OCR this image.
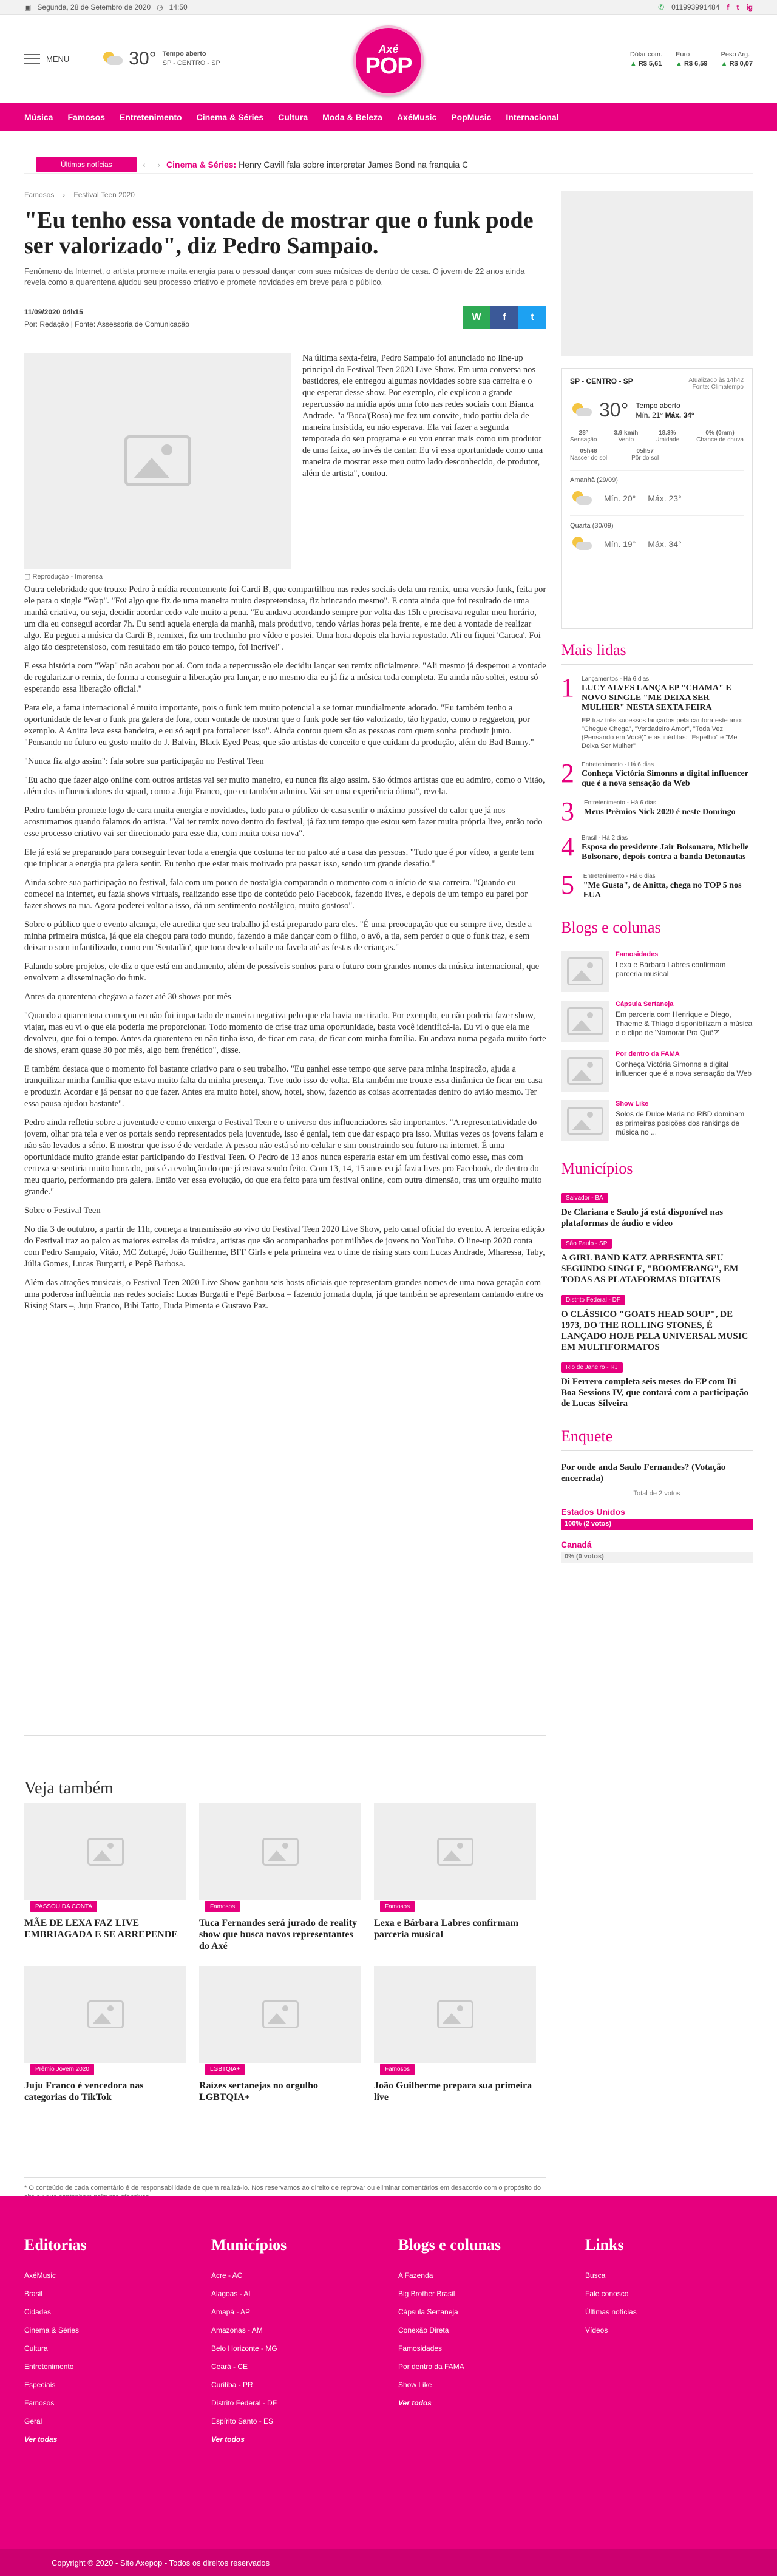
▣ Segunda, 28 de Setembro de 2020 ◷ 14:50	✆ 011993991484 f t ig
MENU	30° Tempo aberto
SP - CENTRO - SP
Axé
POP	Dólar com.
▲ R$ 5,61
Euro
▲ R$ 6,59
Peso Arg.
▲ R$ 0,07
Música Famosos Entretenimento Cinema & Séries Cultura Moda & Beleza AxéMusic PopMusic Internacional
Últimas notícias	‹ › Cinema & Séries: Henry Cavill fala sobre interpretar James Bond na franquia C
Famosos › Festival Teen 2020
"Eu tenho essa vontade de mostrar que o funk pode ser valorizado", diz Pedro Sampaio.

Fenômeno da Internet, o artista promete muita energia para o pessoal dançar com suas músicas de dentro de casa. O jovem de 22 anos ainda revela como a quarentena ajudou seu processo criativo e promete novidades em breve para o público.

11/09/2020 04h15
Por: Redação | Fonte: Assessoria de Comunicação
W	f	t
▢ Reprodução - Imprensa

Na última sexta-feira, Pedro Sampaio foi anunciado no line-up principal do Festival Teen 2020 Live Show. Em uma conversa nos bastidores, ele entregou algumas novidades sobre sua carreira e o que esperar desse show. Por exemplo, ele explicou a grande repercussão na mídia após uma foto nas redes sociais com Bianca Andrade. "a 'Boca'(Rosa) me fez um convite, tudo partiu dela de maneira insistida, eu não esperava. Ela vai fazer a segunda temporada do seu programa e eu vou entrar mais como um produtor de uma faixa, ao invés de cantar. Eu vi essa oportunidade como uma maneira de mostrar esse meu outro lado desconhecido, de produtor, além de artista", contou.

Outra celebridade que trouxe Pedro à mídia recentemente foi Cardi B, que compartilhou nas redes sociais dela um remix, uma versão funk, feita por ele para o single "Wap". "Foi algo que fiz de uma maneira muito despretensiosa, fiz brincando mesmo". E conta ainda que foi resultado de uma manhã criativa, ou seja, decidir acordar cedo vale muito a pena. "Eu andava acordando sempre por volta das 15h e precisava regular meu horário, um dia eu consegui acordar 7h. Eu senti aquela energia da manhã, mais produtivo, tendo várias horas pela frente, e me deu a vontade de realizar algo. Eu peguei a música da Cardi B, remixei, fiz um trechinho pro vídeo e postei. Uma hora depois ela havia repostado. Ali eu fiquei 'Caraca'. Foi algo tão despretensioso, com resultado em tão pouco tempo, foi incrível".

E essa história com "Wap" não acabou por aí. Com toda a repercussão ele decidiu lançar seu remix oficialmente. "Ali mesmo já despertou a vontade de regularizar o remix, de forma a conseguir a liberação pra lançar, e no mesmo dia eu já fiz a música toda completa. Eu ainda não soltei, estou só esperando essa liberação oficial."

Para ele, a fama internacional é muito importante, pois o funk tem muito potencial a se tornar mundialmente adorado. "Eu também tenho a oportunidade de levar o funk pra galera de fora, com vontade de mostrar que o funk pode ser tão valorizado, tão hypado, como o reggaeton, por exemplo. A Anitta leva essa bandeira, e eu só aqui pra fortalecer isso". Ainda contou quem são as pessoas com quem sonha produzir junto. "Pensando no futuro eu gosto muito do J. Balvin, Black Eyed Peas, que são artistas de conceito e que cuidam da produção, além do Bad Bunny."

"Nunca fiz algo assim": fala sobre sua participação no Festival Teen

"Eu acho que fazer algo online com outros artistas vai ser muito maneiro, eu nunca fiz algo assim. São ótimos artistas que eu admiro, como o Vitão, além dos influenciadores do squad, como a Juju Franco, que eu também admiro. Vai ser uma experiência ótima", revela.

Pedro também promete logo de cara muita energia e novidades, tudo para o público de casa sentir o máximo possível do calor que já nos acostumamos quando falamos do artista. "Vai ter remix novo dentro do festival, já faz um tempo que estou sem fazer muita própria live, então todo esse processo criativo vai ser direcionado para esse dia, com muita coisa nova".

Ele já está se preparando para conseguir levar toda a energia que costuma ter no palco até a casa das pessoas. "Tudo que é por vídeo, a gente tem que triplicar a energia pra galera sentir. Eu tenho que estar mais motivado pra passar isso, sendo um grande desafio."

Ainda sobre sua participação no festival, fala com um pouco de nostalgia comparando o momento com o início de sua carreira. "Quando eu comecei na internet, eu fazia shows virtuais, realizando esse tipo de conteúdo pelo Facebook, fazendo lives, e depois de um tempo eu parei por fazer shows na rua. Agora poderei voltar a isso, dá um sentimento nostálgico, muito gostoso".

Sobre o público que o evento alcança, ele acredita que seu trabalho já está preparado para eles. "É uma preocupação que eu sempre tive, desde a minha primeira música, já que ela chegou para todo mundo, fazendo a mãe dançar com o filho, o avô, a tia, sem perder o que o funk traz, e sem deixar o som infantilizado, como em 'Sentadão', que toca desde o baile na favela até as festas de crianças."

Falando sobre projetos, ele diz o que está em andamento, além de possíveis sonhos para o futuro com grandes nomes da música internacional, que envolvem a disseminação do funk.

Antes da quarentena chegava a fazer até 30 shows por mês

"Quando a quarentena começou eu não fui impactado de maneira negativa pelo que ela havia me tirado. Por exemplo, eu não poderia fazer show, viajar, mas eu vi o que ela poderia me proporcionar. Todo momento de crise traz uma oportunidade, basta você identificá-la. Eu vi o que ela me devolveu, que foi o tempo. Antes da quarentena eu não tinha isso, de ficar em casa, de ficar com minha família. Eu andava numa pegada muito forte de shows, eram quase 30 por mês, algo bem frenético", disse.

E também destaca que o momento foi bastante criativo para o seu trabalho. "Eu ganhei esse tempo que serve para minha inspiração, ajuda a tranquilizar minha família que estava muito falta da minha presença. Tive tudo isso de volta. Ela também me trouxe essa dinâmica de ficar em casa e produzir. Acordar e já pensar no que fazer. Antes era muito hotel, show, hotel, show, fazendo as coisas acorrentadas dentro do avião mesmo. Ter essa pausa ajudou bastante".

Pedro ainda refletiu sobre a juventude e como enxerga o Festival Teen e o universo dos influenciadores são importantes. "A representatividade do jovem, olhar pra tela e ver os portais sendo representados pela juventude, isso é genial, tem que dar espaço pra isso. Muitas vezes os jovens falam e não são levados a sério. E mostrar que isso é de verdade. A pessoa não está só no celular e sim construindo seu futuro na internet. É uma oportunidade muito grande estar participando do Festival Teen. O Pedro de 13 anos nunca esperaria estar em um festival como esse, mas com certeza se sentiria muito honrado, pois é a evolução do que já estava sendo feito. Com 13, 14, 15 anos eu já fazia lives pro Facebook, de dentro do meu quarto, performando pra galera. Então ver essa evolução, do que era feito para um festival online, com outra dimensão, traz um orgulho muito grande."

Sobre o Festival Teen

No dia 3 de outubro, a partir de 11h, começa a transmissão ao vivo do Festival Teen 2020 Live Show, pelo canal oficial do evento. A terceira edição do Festival traz ao palco as maiores estrelas da música, artistas que são acompanhados por milhões de jovens no YouTube. O line-up 2020 conta com Pedro Sampaio, Vitão, MC Zottapé, João Guilherme, BFF Girls e pela primeira vez o time de rising stars com Lucas Andrade, Mharessa, Taby, Júlia Gomes, Lucas Burgatti, e Pepê Barbosa.

Além das atrações musicais, o Festival Teen 2020 Live Show ganhou seis hosts oficiais que representam grandes nomes de uma nova geração com uma poderosa influência nas redes sociais: Lucas Burgatti e Pepê Barbosa – fazendo jornada dupla, já que também se apresentam cantando entre os Rising Stars –, Juju Franco, Bibi Tatto, Duda Pimenta e Gustavo Paz.

SP - CENTRO - SP	Atualizado às 14h42
Fonte: Climatempo
30° Tempo aberto
Mín. 21° Máx. 34°
28°
Sensação
3.9 km/h
Vento
18.3%
Umidade
0% (0mm)
Chance de chuva
05h48
Nascer do sol
05h57
Pôr do sol
Amanhã (29/09)
Mín. 20° Máx. 23°
Quarta (30/09)
Mín. 19° Máx. 34°
Mais lidas
1 Lançamentos - Há 6 dias
LUCY ALVES LANÇA EP "CHAMA" E NOVO SINGLE "ME DEIXA SER MULHER" NESTA SEXTA FEIRA
EP traz três sucessos lançados pela cantora este ano: "Chegue Chega", "Verdadeiro Amor", "Toda Vez (Pensando em Você)" e as inéditas: "Espelho" e "Me Deixa Ser Mulher"
2 Entretenimento - Há 6 dias
Conheça Victória Simonns a digital influencer que é a nova sensação da Web
3	Entretenimento - Há 6 dias
Meus Prêmios Nick 2020 é neste Domingo
4 Brasil - Há 2 dias
Esposa do presidente Jair Bolsonaro, Michelle Bolsonaro, depois contra a banda Detonautas
5 Entretenimento - Há 6 dias
"Me Gusta", de Anitta, chega no TOP 5 nos EUA
Blogs e colunas
Famosidades
Lexa e Bárbara Labres confirmam parceria musical
Cápsula Sertaneja
Em parceria com Henrique e Diego, Thaeme & Thiago disponibilizam a música e o clipe de 'Namorar Pra Quê?'
Por dentro da FAMA
Conheça Victória Simonns a digital influencer que é a nova sensação da Web
Show Like
Solos de Dulce Maria no RBD dominam as primeiras posições dos rankings de música no ...
Municípios
Salvador - BA
De Clariana e Saulo já está disponível nas plataformas de áudio e vídeo
São Paulo - SP
A GIRL BAND KATZ APRESENTA SEU SEGUNDO SINGLE, "BOOMERANG", EM TODAS AS PLATAFORMAS DIGITAIS
Distrito Federal - DF
O CLÁSSICO "GOATS HEAD SOUP", DE 1973, DO THE ROLLING STONES, É LANÇADO HOJE PELA UNIVERSAL MUSIC EM MULTIFORMATOS
Rio de Janeiro - RJ
Di Ferrero completa seis meses do EP com Di Boa Sessions IV, que contará com a participação de Lucas Silveira
Enquete
Por onde anda Saulo Fernandes? (Votação encerrada)
Total de 2 votos
Estados Unidos
100% (2 votos)
Canadá
0% (0 votos)

* O conteúdo de cada comentário é de responsabilidade de quem realizá-lo. Nos reservamos ao direito de reprovar ou eliminar comentários em desacordo com o propósito do

Veja também
PASSOU DA CONTA
MÃE DE LEXA FAZ LIVE EMBRIAGADA E SE ARREPENDE
Famosos
Tuca Fernandes será jurado de reality show que busca novos representantes do Axé
Famosos
Lexa e Bárbara Labres confirmam parceria musical
Prêmio Jovem 2020
Juju Franco é vencedora nas categorias do TikTok
LGBTQIA+
Raízes sertanejas no orgulho LGBTQIA+
Famosos
João Guilherme prepara sua primeira live
Editorias
AxéMusic
Brasil
Cidades
Cinema & Séries
Cultura
Entretenimento
Especiais
Famosos
Geral
Ver todas
Municípios
Acre - AC
Alagoas - AL
Amapá - AP
Amazonas - AM
Belo Horizonte - MG
Ceará - CE
Curitiba - PR
Distrito Federal - DF
Espírito Santo - ES
Ver todos
Blogs e colunas
A Fazenda
Big Brother Brasil
Cápsula Sertaneja
Conexão Direta
Famosidades
Por dentro da FAMA
Show Like
Ver todos
Links
Busca
Fale conosco
Últimas notícias
Vídeos
Copyright © 2020 - Site Axepop - Todos os direitos reservados
